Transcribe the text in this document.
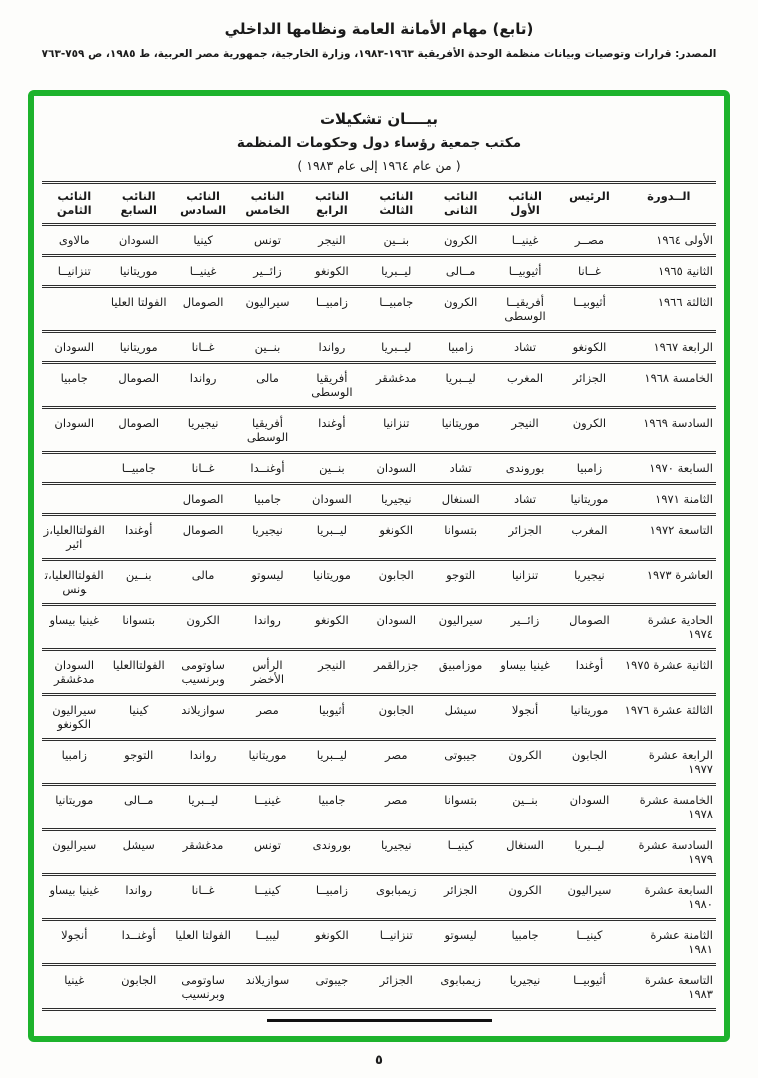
(تابع) مهام الأمانة العامة ونظامها الداخلي
المصدر: قرارات وتوصيات وبيانات منظمة الوحدة الأفريقية ١٩٦٣-١٩٨٣، وزارة الخارجية، جمهورية مصر العربية، ط ١٩٨٥، ص ٧٥٩-٧٦٣
بيــــان تشكيلات
مكتب جمعية رؤساء دول وحكومات المنظمة
( من عام ١٩٦٤ إلى عام ١٩٨٣ )
الــدورة	الرئيس	النائب الأول	النائب الثانى	النائب الثالث	النائب الرابع	النائب الخامس	النائب السادس	النائب السابع	النائب الثامن
الأولى ١٩٦٤	مصــر	غينيــا	الكرون	بنــين	النيجر	تونس	كينيا	السودان	مالاوى
الثانية ١٩٦٥	غــانا	أثيوبيــا	مــالى	ليــبريا	الكونغو	زائــير	غينيــا	موريتانيا	تنزانيــا
الثالثة ١٩٦٦	أثيوبيــا	أفريقيــا الوسطى	الكرون	جامبيــا	زامبيــا	سيراليون	الصومال	الفولتا العليا	
الرابعة ١٩٦٧	الكونغو	تشاد	زامبيا	ليــبريا	رواندا	بنــين	غــانا	موريتانيا	السودان
الخامسة ١٩٦٨	الجزائر	المغرب	ليــبريا	مدغشقر	أفريقيا الوسطى	مالى	رواندا	الصومال	جامبيا
السادسة ١٩٦٩	الكرون	النيجر	موريتانيا	تنزانيا	أوغندا	أفريقيا الوسطى	نيجيريا	الصومال	السودان
السابعة ١٩٧٠	زامبيا	بوروندى	تشاد	السودان	بنــين	أوغنــدا	غــانا	جامبيــا	
الثامنة ١٩٧١	موريتانيا	تشاد	السنغال	نيجيريا	السودان	جامبيا	الصومال		
التاسعة ١٩٧٢	المغرب	الجزائر	بتسوانا	الكونغو	ليــبريا	نيجيريا	الصومال	أوغندا	الفولتاالعليا،زائير
العاشرة ١٩٧٣	نيجيريا	تنزانيا	التوجو	الجابون	موريتانيا	ليسوتو	مالى	بنــين	الفولتاالعليا،تونس
الحادية عشرة ١٩٧٤	الصومال	زائــير	سيراليون	السودان	الكونغو	رواندا	الكرون	بتسوانا	غينيا بيساو
الثانية عشرة ١٩٧٥	أوغندا	غينيا بيساو	موزامبيق	جزرالقمر	النيجر	الرأس الأخضر	ساوتومى وبرنسيب	الفولتاالعليا	السودان مدغشقر
الثالثة عشرة ١٩٧٦	موريتانيا	أنجولا	سيشل	الجابون	أثيوبيا	مصر	سوازيلاند	كينيا	سيراليون الكونغو
الرابعة عشرة ١٩٧٧	الجابون	الكرون	جيبوتى	مصر	ليــبريا	موريتانيا	رواندا	التوجو	زامبيا
الخامسة عشرة ١٩٧٨	السودان	بنــين	بتسوانا	مصر	جامبيا	غينيــا	ليــبريا	مــالى	موريتانيا
السادسة عشرة ١٩٧٩	ليــبريا	السنغال	كينيــا	نيجيريا	بوروندى	تونس	مدغشقر	سيشل	سيراليون
السابعة عشرة ١٩٨٠	سيراليون	الكرون	الجزائر	زيمبابوى	زامبيــا	كينيــا	غــانا	رواندا	غينيا بيساو
الثامنة عشرة ١٩٨١	كينيــا	جامبيا	ليسوتو	تنزانيــا	الكونغو	ليبيــا	الفولتا العليا	أوغنــدا	أنجولا
التاسعة عشرة ١٩٨٣	أثيوبيــا	نيجيريا	زيمبابوى	الجزائر	جيبوتى	سوازيلاند	ساوتومى وبرنسيب	الجابون	غينيا
٥
